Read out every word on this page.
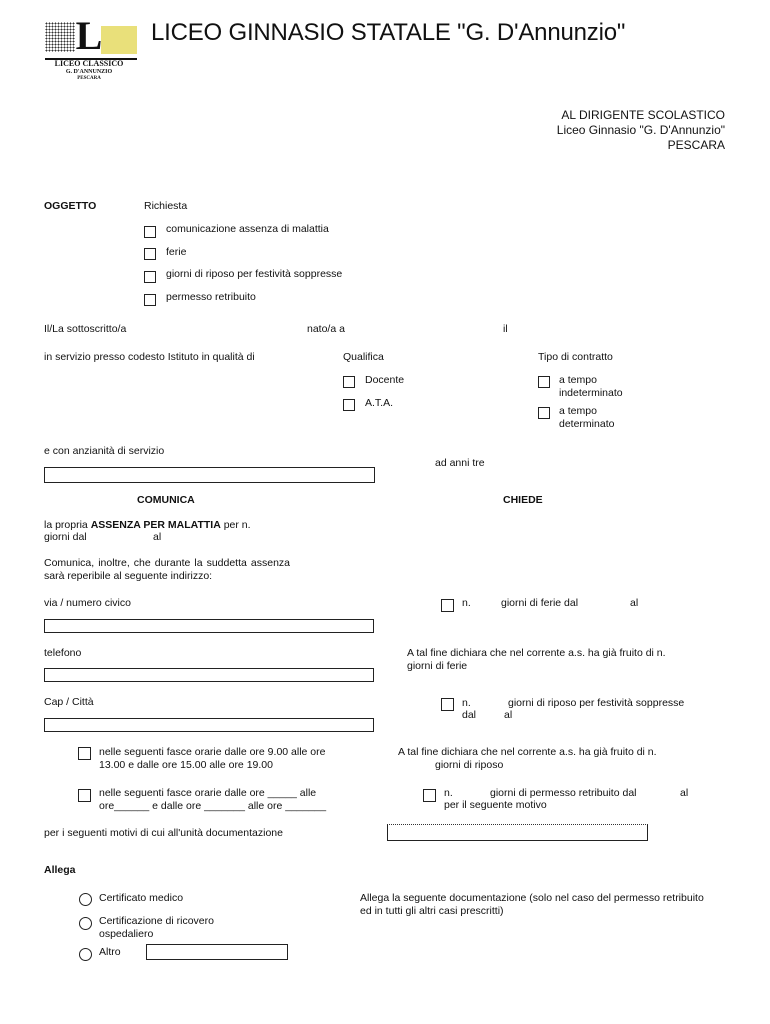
L
LICEO CLASSICO
G. D'ANNUNZIO
PESCARA
LICEO GINNASIO STATALE "G. D'Annunzio"
AL DIRIGENTE SCOLASTICO
Liceo Ginnasio "G. D'Annunzio"
PESCARA
OGGETTO	Richiesta
comunicazione assenza di malattia
ferie
giorni di riposo per festività soppresse
permesso retribuito
Il/La sottoscritto/a	nato/a a	il
in servizio presso codesto Istituto in qualità di	Qualifica	Tipo di contratto
Docente
A.T.A.
a tempo
indeterminato
a tempo
determinato
e con anzianità di servizio
ad anni tre
COMUNICA	CHIEDE
la propria ASSENZA PER MALATTIA per n.
giorni dal	al
Comunica, inoltre, che durante la suddetta assenza sarà reperibile al seguente indirizzo:
via / numero civico
telefono
Cap / Città
nelle seguenti fasce orarie dalle ore 9.00 alle ore 13.00 e dalle ore 15.00 alle ore 19.00
nelle seguenti fasce orarie dalle ore _____ alle
ore______ e dalle ore _______ alle ore _______
per i seguenti motivi di cui all'unità documentazione
n.	giorni di ferie dal	al
A tal fine dichiara che nel corrente a.s. ha già fruito di n.
giorni di ferie
n.	giorni di riposo per festività soppresse
dal	al
A tal fine dichiara che nel corrente a.s. ha già fruito di n.
giorni di riposo
n.	giorni di permesso retribuito dal	al
per il seguente motivo
Allega
Certificato medico
Certificazione di ricovero ospedaliero
Altro
Allega la seguente documentazione (solo nel caso del permesso retribuito
ed in tutti gli altri casi prescritti)
